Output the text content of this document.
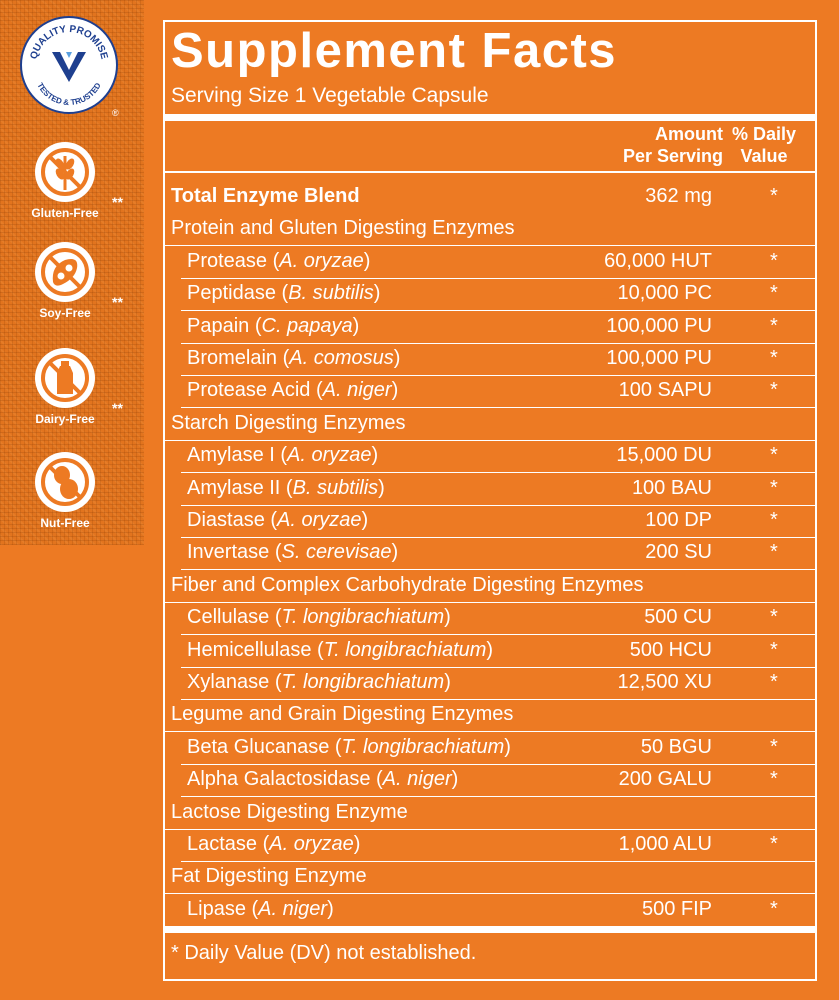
QUALITY PROMISE
TESTED & TRUSTED
®
Gluten-Free
**
Soy-Free
**
Dairy-Free
**
Nut-Free
Supplement Facts
Serving Size 1 Vegetable Capsule
Amount
Per Serving
% Daily
Value
Total Enzyme Blend	362 mg	*
Protein and Gluten Digesting Enzymes
Protease (A. oryzae)	60,000 HUT	*
Peptidase (B. subtilis)	10,000 PC	*
Papain (C. papaya)	100,000 PU	*
Bromelain (A. comosus)	100,000 PU	*
Protease Acid (A. niger)	100 SAPU	*
Starch Digesting Enzymes
Amylase I (A. oryzae)	15,000 DU	*
Amylase II (B. subtilis)	100 BAU	*
Diastase (A. oryzae)	100 DP	*
Invertase (S. cerevisae)	200 SU	*
Fiber and Complex Carbohydrate Digesting Enzymes
Cellulase (T. longibrachiatum)	500 CU	*
Hemicellulase (T. longibrachiatum)	500 HCU	*
Xylanase (T. longibrachiatum)	12,500 XU	*
Legume and Grain Digesting Enzymes
Beta Glucanase (T. longibrachiatum)	50 BGU	*
Alpha Galactosidase (A. niger)	200 GALU	*
Lactose Digesting Enzyme
Lactase (A. oryzae)	1,000 ALU	*
Fat Digesting Enzyme
Lipase (A. niger)	500 FIP	*
* Daily Value (DV) not established.
